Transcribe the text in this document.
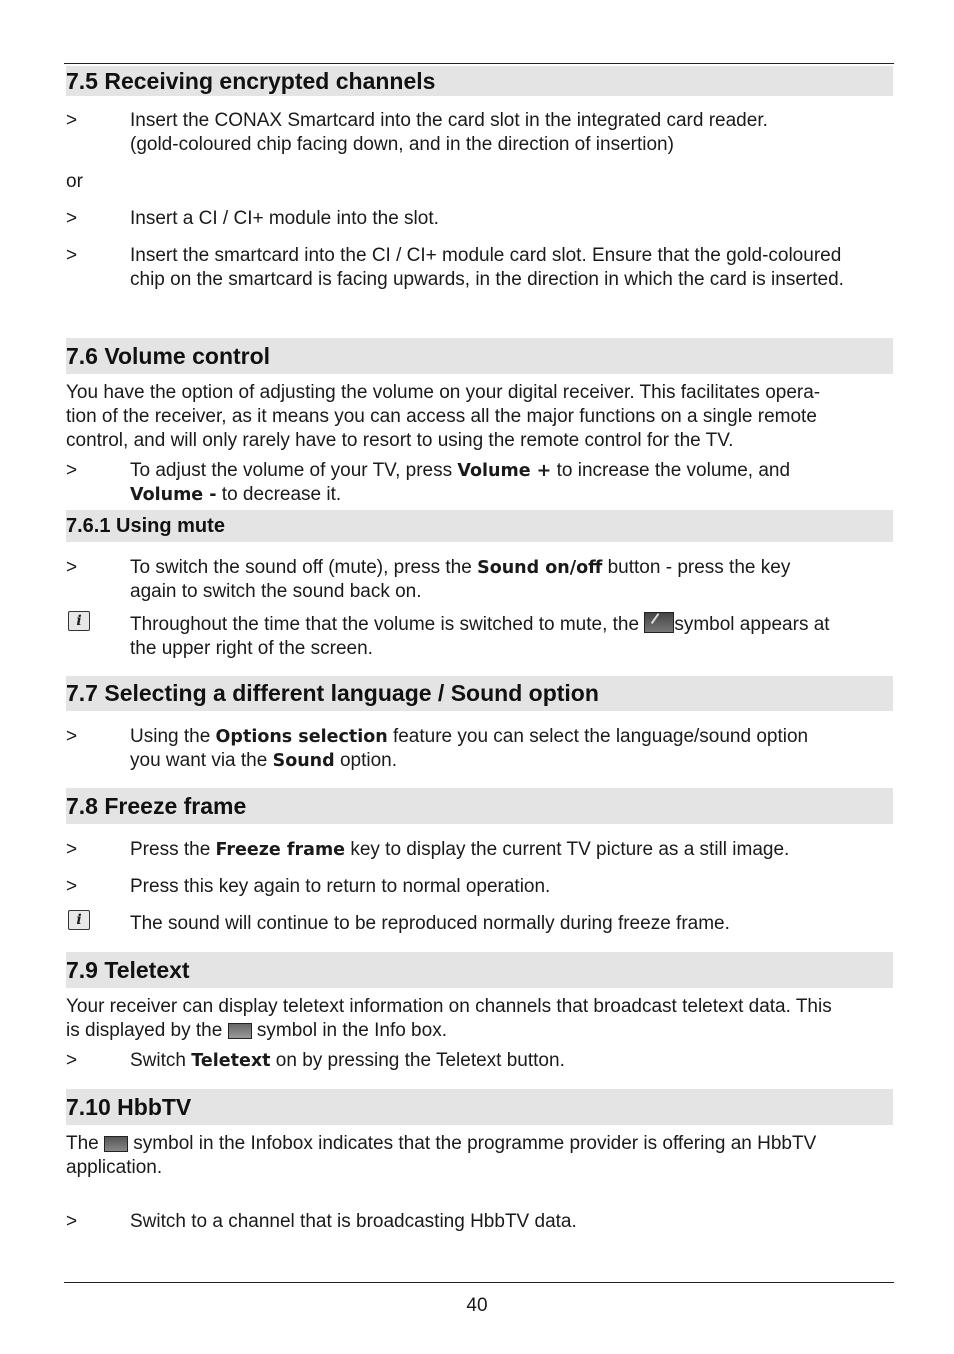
7.5 Receiving encrypted channels
>	Insert the CONAX Smartcard into the card slot in the integrated card reader.
(gold-coloured chip facing down, and in the direction of insertion)
or
>	Insert a CI / CI+ module into the slot.
>	Insert the smartcard into the CI / CI+ module card slot. Ensure that the gold-coloured
chip on the smartcard is facing upwards, in the direction in which the card is inserted.
7.6 Volume control
You have the option of adjusting the volume on your digital receiver. This facilitates opera-
tion of the receiver, as it means you can access all the major functions on a single remote
control, and will only rarely have to resort to using the remote control for the TV.
>	To adjust the volume of your TV, press Volume + to increase the volume, and
Volume - to decrease it.
7.6.1 Using mute
>	To switch the sound off (mute), press the Sound on/off button - press the key
again to switch the sound back on.
i	Throughout the time that the volume is switched to mute, the symbol appears at
the upper right of the screen.
7.7 Selecting a different language / Sound option
>	Using the Options selection feature you can select the language/sound option
you want via the Sound option.
7.8 Freeze frame
>	Press the Freeze frame key to display the current TV picture as a still image.
>	Press this key again to return to normal operation.
i	The sound will continue to be reproduced normally during freeze frame.
7.9 Teletext
Your receiver can display teletext information on channels that broadcast teletext data. This
is displayed by the  symbol in the Info box.
>	Switch Teletext on by pressing the Teletext button.
7.10 HbbTV
The  symbol in the Infobox indicates that the programme provider is offering an HbbTV
application.
>	Switch to a channel that is broadcasting HbbTV data.
40
